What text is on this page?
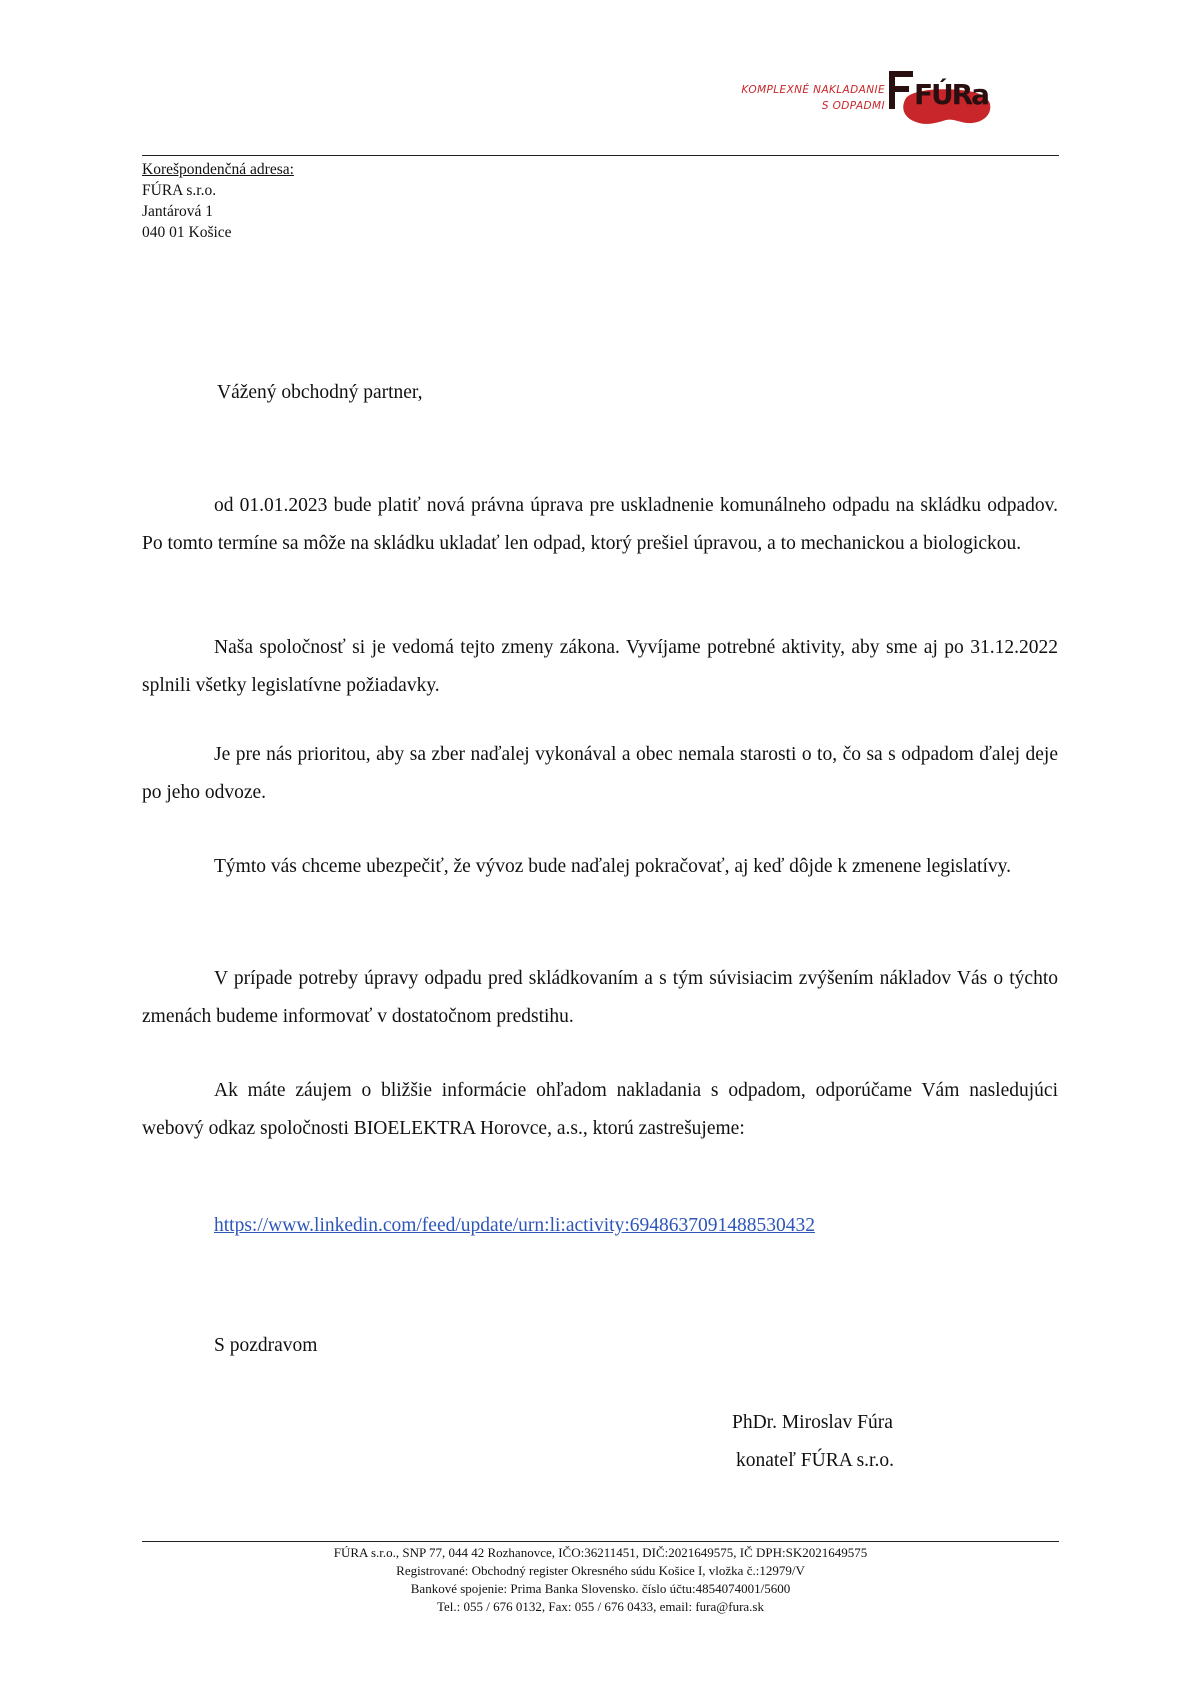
KOMPLEXNÉ NAKLADANIE
S ODPADMI FÚRa
Korešpondenčná adresa:
FÚRA s.r.o.
Jantárová 1
040 01 Košice
Vážený obchodný partner,
od 01.01.2023 bude platiť nová právna úprava pre uskladnenie komunálneho odpadu na skládku odpadov. Po tomto termíne sa môže na skládku ukladať len odpad, ktorý prešiel úpravou, a to mechanickou a biologickou.
Naša spoločnosť si je vedomá tejto zmeny zákona. Vyvíjame potrebné aktivity, aby sme aj po 31.12.2022 splnili všetky legislatívne požiadavky.
Je pre nás prioritou, aby sa zber naďalej vykonával a obec nemala starosti o to, čo sa s odpadom ďalej deje po jeho odvoze.
Týmto vás chceme ubezpečiť, že vývoz bude naďalej pokračovať, aj keď dôjde k zmenene legislatívy.
V prípade potreby úpravy odpadu pred skládkovaním a s tým súvisiacim zvýšením nákladov Vás o týchto zmenách budeme informovať v dostatočnom predstihu.
Ak máte záujem o bližšie informácie ohľadom nakladania s odpadom, odporúčame Vám nasledujúci webový odkaz spoločnosti BIOELEKTRA Horovce, a.s., ktorú zastrešujeme:
https://www.linkedin.com/feed/update/urn:li:activity:6948637091488530432
S pozdravom
PhDr. Miroslav Fúra
konateľ FÚRA s.r.o.
FÚRA s.r.o., SNP 77, 044 42 Rozhanovce, IČO:36211451, DIČ:2021649575, IČ DPH:SK2021649575
Registrované: Obchodný register Okresného súdu Košice I, vložka č.:12979/V
Bankové spojenie: Prima Banka Slovensko. číslo účtu:4854074001/5600
Tel.: 055 / 676 0132, Fax: 055 / 676 0433, email: fura@fura.sk
